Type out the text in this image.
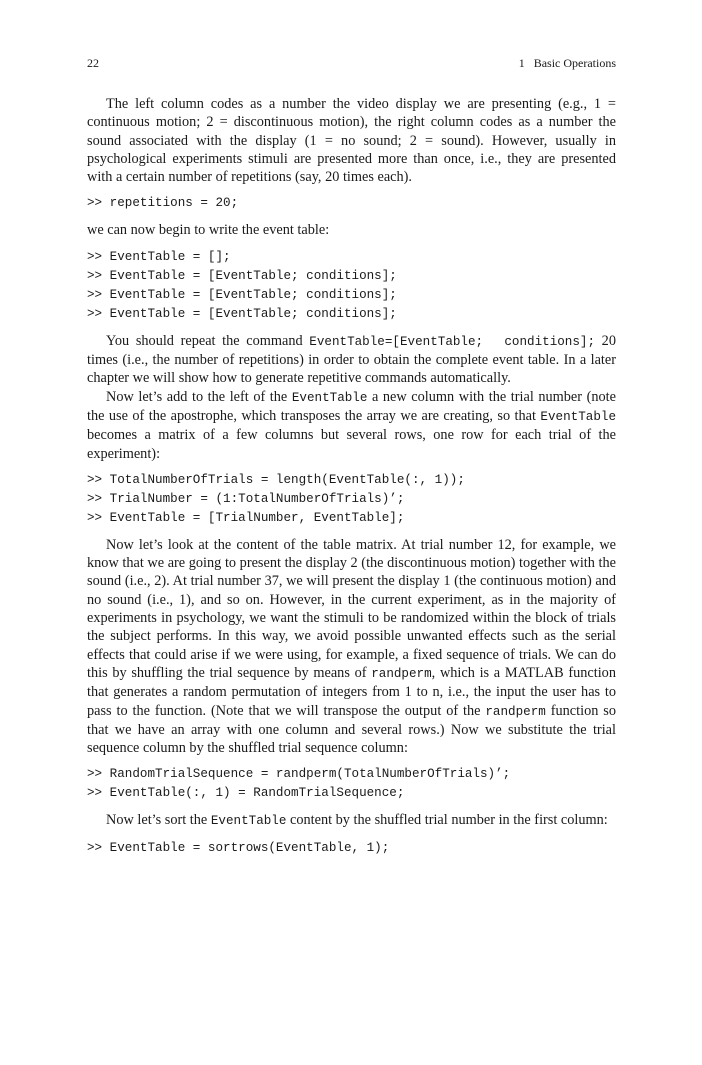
22	1   Basic Operations

The left column codes as a number the video display we are presenting (e.g., 1 = continuous motion; 2 = discontinuous motion), the right column codes as a number the sound associated with the display (1 = no sound; 2 = sound). However, usually in psychological experiments stimuli are presented more than once, i.e., they are presented with a certain number of repetitions (say, 20 times each).

>> repetitions = 20;

we can now begin to write the event table:

>> EventTable = [];
>> EventTable = [EventTable; conditions];
>> EventTable = [EventTable; conditions];
>> EventTable = [EventTable; conditions];

You should repeat the command EventTable=[EventTable;  conditions]; 20 times (i.e., the number of repetitions) in order to obtain the complete event table. In a later chapter we will show how to generate repetitive commands automatically.

Now let’s add to the left of the EventTable a new column with the trial number (note the use of the apostrophe, which transposes the array we are creating, so that EventTable becomes a matrix of a few columns but several rows, one row for each trial of the experiment):

>> TotalNumberOfTrials = length(EventTable(:, 1));
>> TrialNumber = (1:TotalNumberOfTrials)’;
>> EventTable = [TrialNumber, EventTable];

Now let’s look at the content of the table matrix. At trial number 12, for example, we know that we are going to present the display 2 (the discontinuous motion) together with the sound (i.e., 2). At trial number 37, we will present the display 1 (the continuous motion) and no sound (i.e., 1), and so on. However, in the current experiment, as in the majority of experiments in psychology, we want the stimuli to be randomized within the block of trials the subject performs. In this way, we avoid possible unwanted effects such as the serial effects that could arise if we were using, for example, a fixed sequence of trials. We can do this by shuffling the trial sequence by means of randperm, which is a MATLAB function that generates a random permutation of integers from 1 to n, i.e., the input the user has to pass to the function. (Note that we will transpose the output of the randperm function so that we have an array with one column and several rows.) Now we substitute the trial sequence column by the shuffled trial sequence column:

>> RandomTrialSequence = randperm(TotalNumberOfTrials)’;
>> EventTable(:, 1) = RandomTrialSequence;

Now let’s sort the EventTable content by the shuffled trial number in the first column:

>> EventTable = sortrows(EventTable, 1);
